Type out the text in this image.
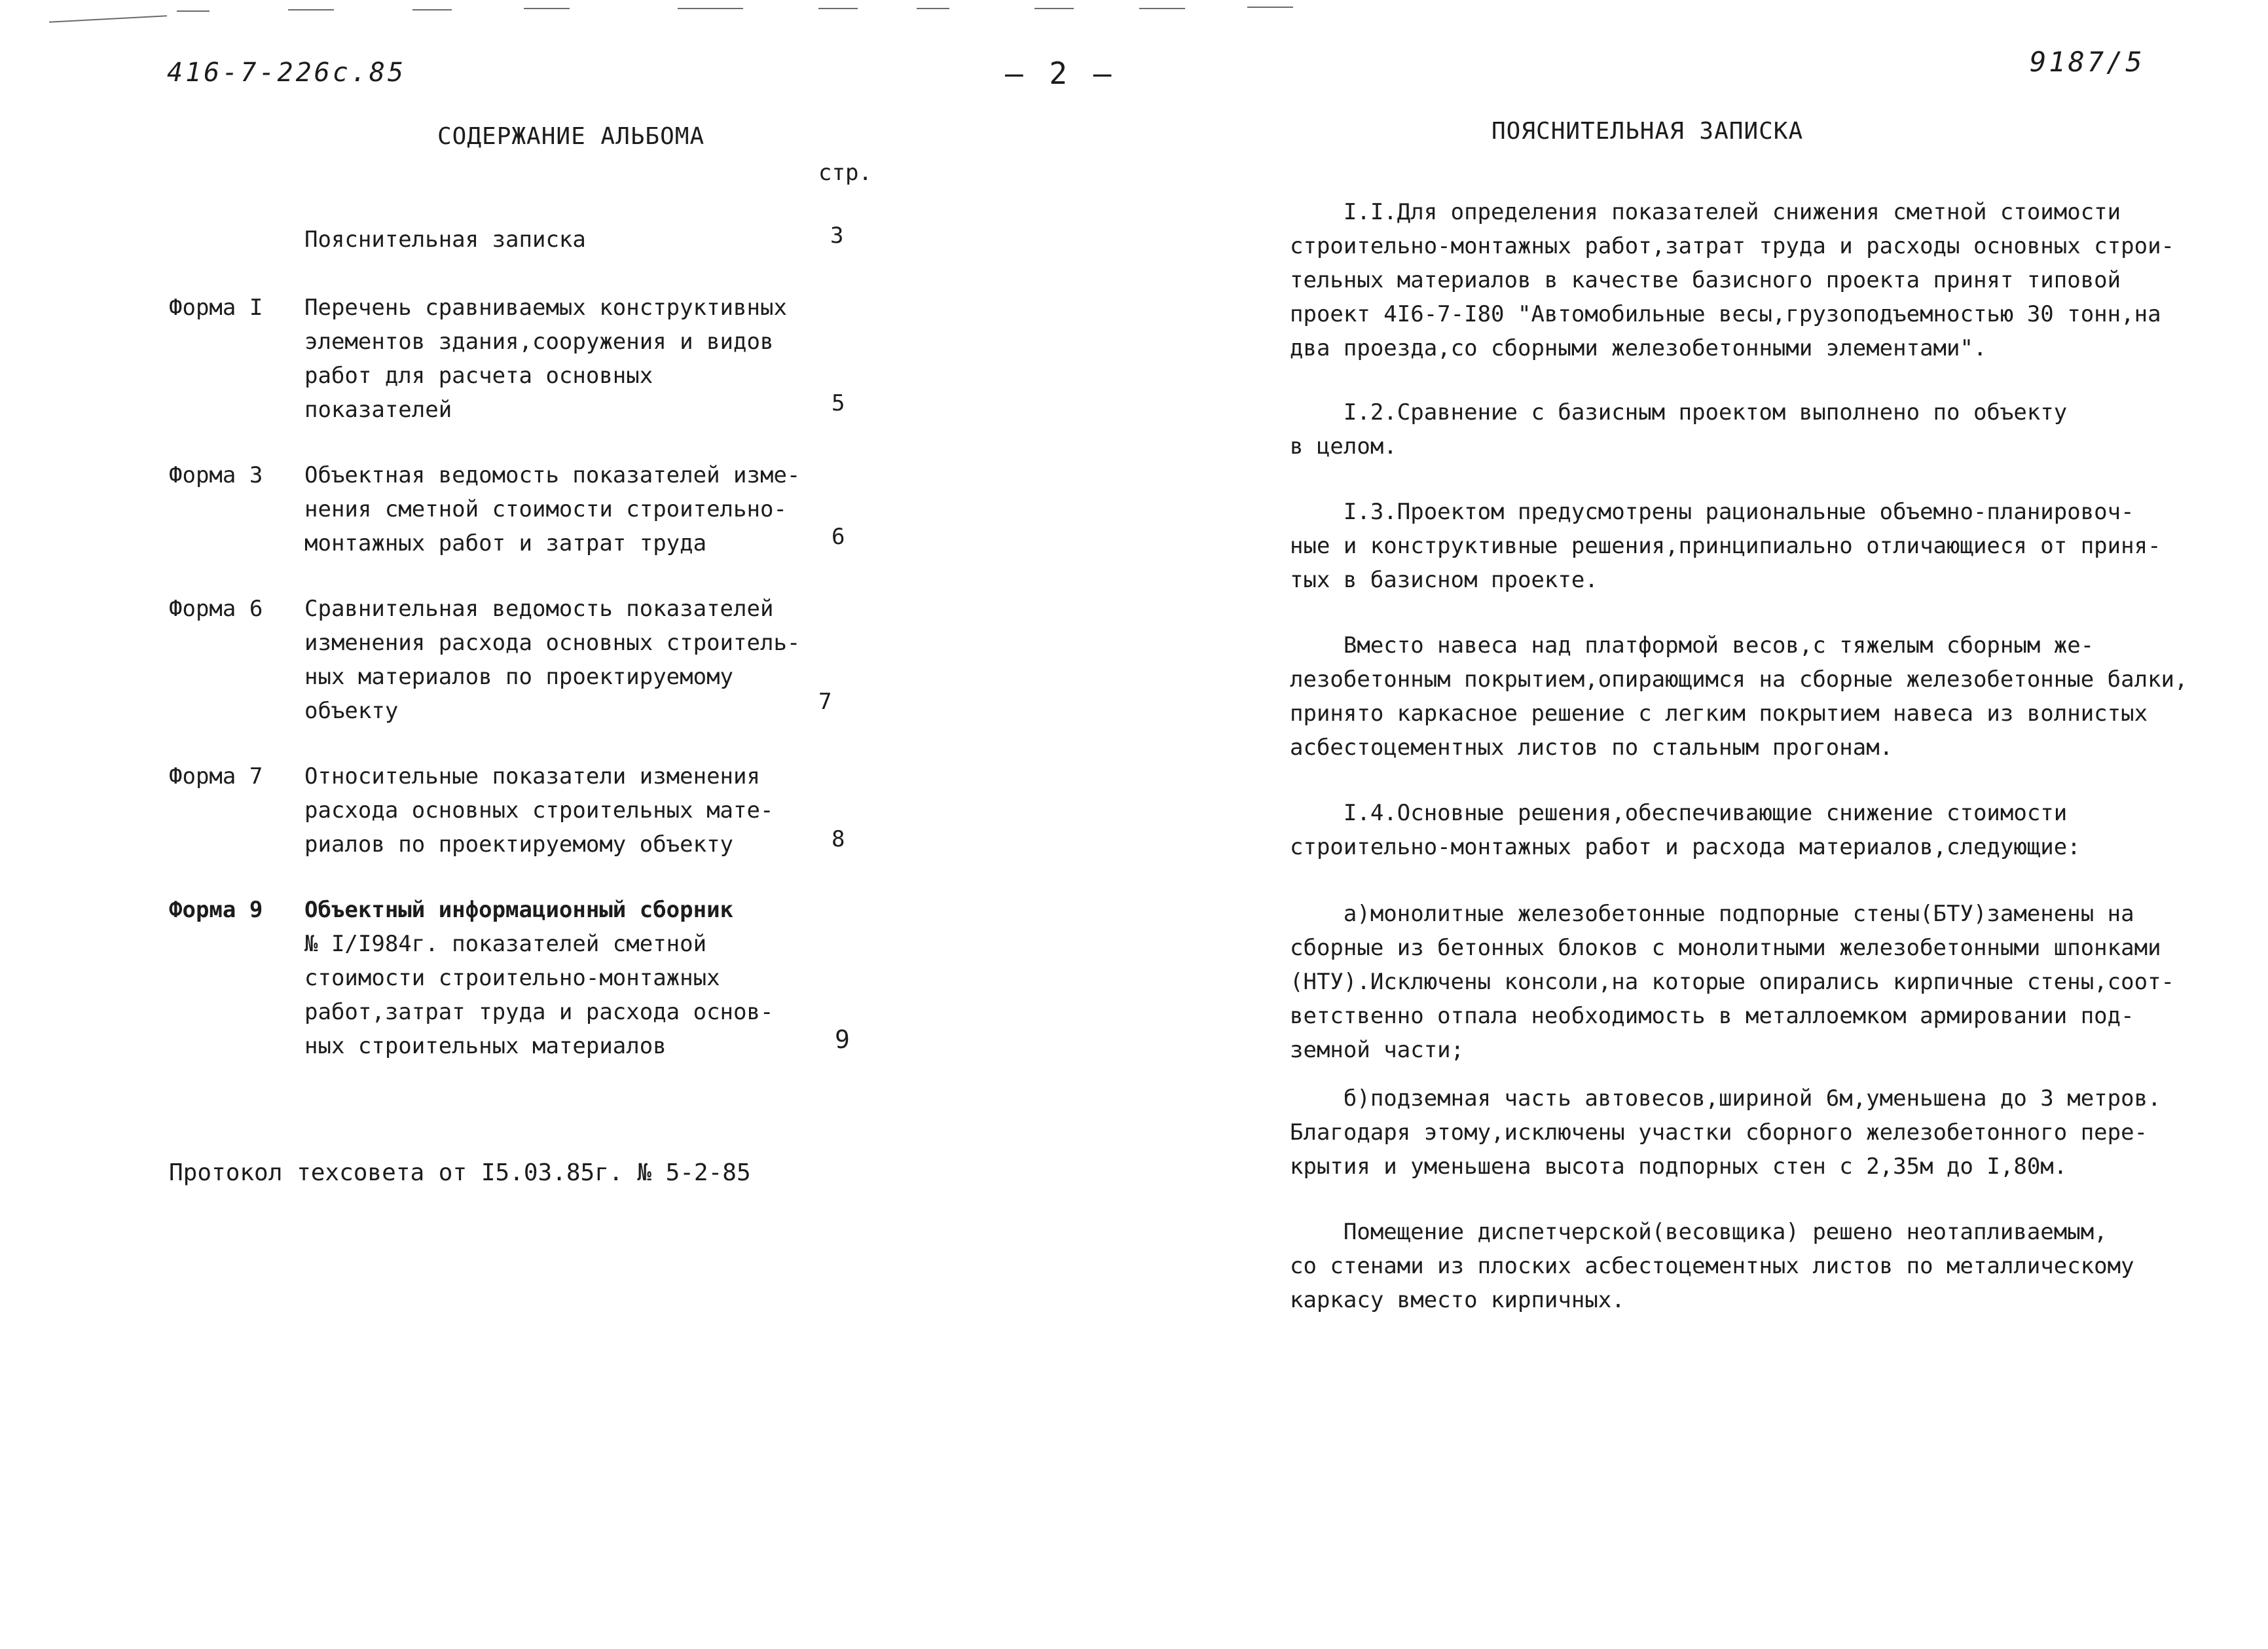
416-7-226с.85	— 2 —	9187/5
СОДЕРЖАНИЕ АЛЬБОМА
стр.
Пояснительная записка	3
Форма I Перечень сравниваемых конструктивных
элементов здания,сооружения и видов
работ для расчета основных
показателей	5
Форма 3 Объектная ведомость показателей изме-
нения сметной стоимости строительно-
монтажных работ и затрат труда	6
Форма 6 Сравнительная ведомость показателей
изменения расхода основных строитель-
ных материалов по проектируемому
объекту	7
Форма 7 Относительные показатели изменения
расхода основных строительных мате-
риалов по проектируемому объекту	8
Форма 9 Объектный информационный сборник
№ I/I984г. показателей сметной
стоимости строительно-монтажных
работ,затрат труда и расхода основ-
ных строительных материалов	9
Протокол техсовета от I5.03.85г. № 5-2-85
ПОЯСНИТЕЛЬНАЯ ЗАПИСКА
I.I.Для определения показателей снижения сметной стоимости
строительно-монтажных работ,затрат труда и расходы основных строи-
тельных материалов в качестве базисного проекта принят типовой
проект 4I6-7-I80 "Автомобильные весы,грузоподъемностью 30 тонн,на
два проезда,со сборными железобетонными элементами".
I.2.Сравнение с базисным проектом выполнено по объекту
в целом.
I.3.Проектом предусмотрены рациональные объемно-планировоч-
ные и конструктивные решения,принципиально отличающиеся от приня-
тых в базисном проекте.
Вместо навеса над платформой весов,с тяжелым сборным же-
лезобетонным покрытием,опирающимся на сборные железобетонные балки,
принято каркасное решение с легким покрытием навеса из волнистых
асбестоцементных листов по стальным прогонам.
I.4.Основные решения,обеспечивающие снижение стоимости
строительно-монтажных работ и расхода материалов,следующие:
а)монолитные железобетонные подпорные стены(БТУ)заменены на
сборные из бетонных блоков с монолитными железобетонными шпонками
(НТУ).Исключены консоли,на которые опирались кирпичные стены,соот-
ветственно отпала необходимость в металлоемком армировании под-
земной части;
б)подземная часть автовесов,шириной 6м,уменьшена до 3 метров.
Благодаря этому,исключены участки сборного железобетонного пере-
крытия и уменьшена высота подпорных стен с 2,35м до I,80м.
Помещение диспетчерской(весовщика) решено неотапливаемым,
со стенами из плоских асбестоцементных листов по металлическому
каркасу вместо кирпичных.
